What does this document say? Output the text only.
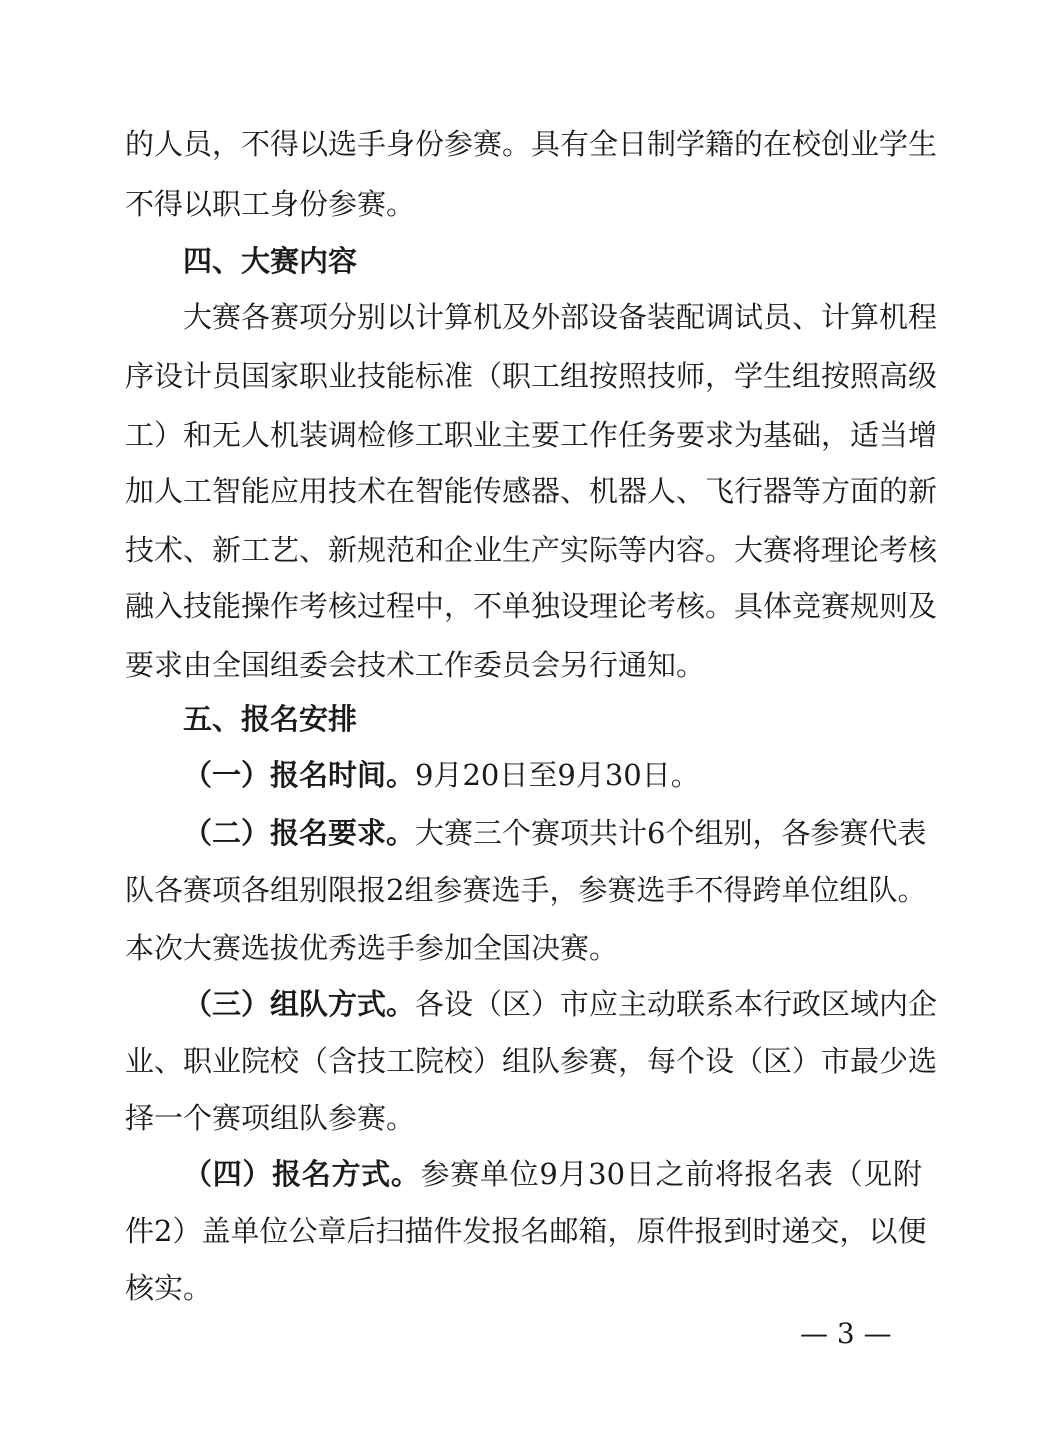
的人员，不得以选手身份参赛。具有全日制学籍的在校创业学生
不得以职工身份参赛。
四、大赛内容
大赛各赛项分别以计算机及外部设备装配调试员、计算机程
序设计员国家职业技能标准（职工组按照技师，学生组按照高级
工）和无人机装调检修工职业主要工作任务要求为基础，适当增
加人工智能应用技术在智能传感器、机器人、飞行器等方面的新
技术、新工艺、新规范和企业生产实际等内容。大赛将理论考核
融入技能操作考核过程中，不单独设理论考核。具体竞赛规则及
要求由全国组委会技术工作委员会另行通知。
五、报名安排
（一）报名时间。9月20日至9月30日。
（二）报名要求。大赛三个赛项共计6个组别，各参赛代表
队各赛项各组别限报2组参赛选手，参赛选手不得跨单位组队。
本次大赛选拔优秀选手参加全国决赛。
（三）组队方式。各设（区）市应主动联系本行政区域内企
业、职业院校（含技工院校）组队参赛，每个设（区）市最少选
择一个赛项组队参赛。
（四）报名方式。参赛单位9月30日之前将报名表（见附
件2）盖单位公章后扫描件发报名邮箱，原件报到时递交，以便
核实。
— 3 —
